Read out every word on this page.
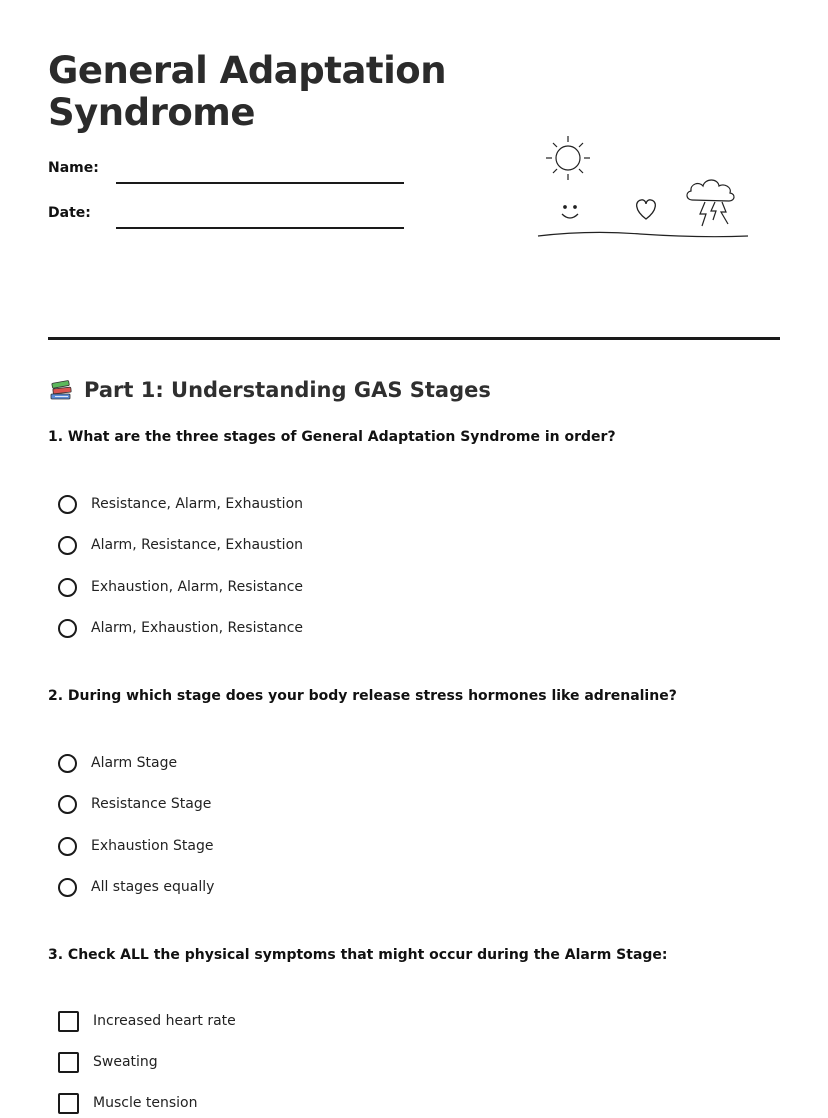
General Adaptation Syndrome
Name:
Date:
Part 1: Understanding GAS Stages
1. What are the three stages of General Adaptation Syndrome in order?
Resistance, Alarm, Exhaustion
Alarm, Resistance, Exhaustion
Exhaustion, Alarm, Resistance
Alarm, Exhaustion, Resistance
2. During which stage does your body release stress hormones like adrenaline?
Alarm Stage
Resistance Stage
Exhaustion Stage
All stages equally
3. Check ALL the physical symptoms that might occur during the Alarm Stage:
Increased heart rate
Sweating
Muscle tension
